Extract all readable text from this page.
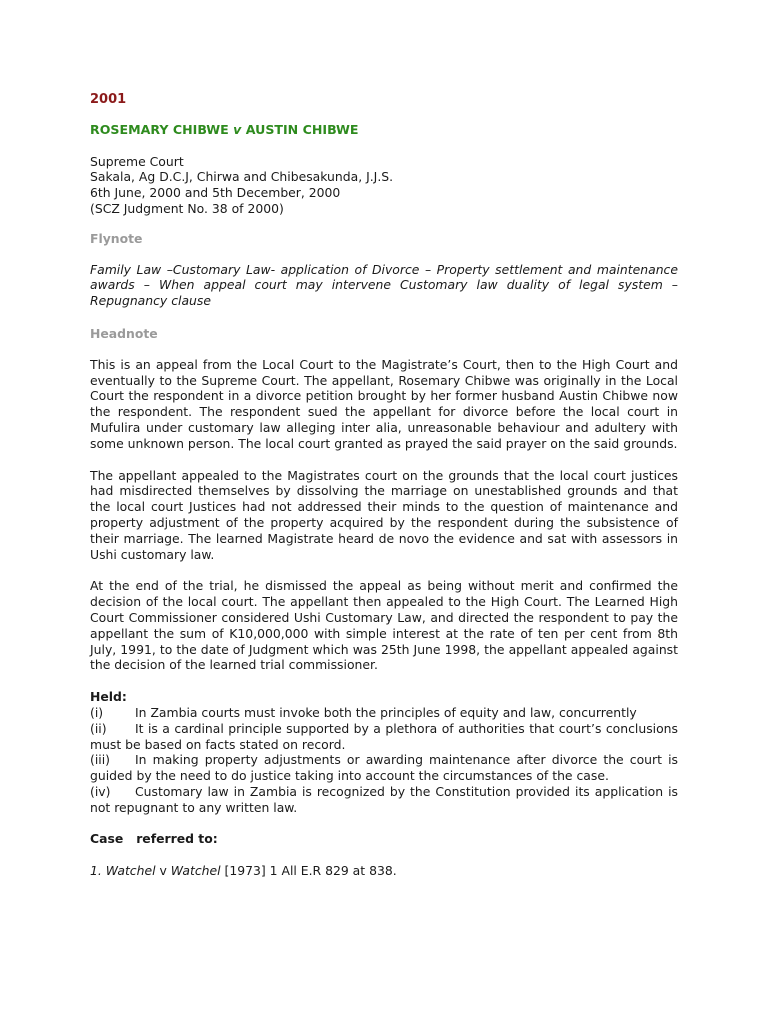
2001
ROSEMARY CHIBWE v AUSTIN CHIBWE
Supreme Court
Sakala, Ag D.C.J, Chirwa and Chibesakunda, J.J.S.
6th June, 2000 and 5th December, 2000
(SCZ Judgment No. 38 of 2000)
Flynote
Family Law –Customary Law- application of Divorce – Property settlement and maintenance awards – When appeal court may intervene Customary law duality of legal system – Repugnancy clause
Headnote
This is an appeal from the Local Court to the Magistrate’s Court, then to the High Court and eventually to the Supreme Court. The appellant, Rosemary Chibwe was originally in the Local Court the respondent in a divorce petition brought by her former husband Austin Chibwe now the respondent. The respondent sued the appellant for divorce before the local court in Mufulira under customary law alleging inter alia, unreasonable behaviour and adultery with some unknown person. The local court granted as prayed the said prayer on the said grounds.
The appellant appealed to the Magistrates court on the grounds that the local court justices had misdirected themselves by dissolving the marriage on unestablished grounds and that the local court Justices had not addressed their minds to the question of maintenance and property adjustment of the property acquired by the respondent during the subsistence of their marriage. The learned Magistrate heard de novo the evidence and sat with assessors in Ushi customary law.
At the end of the trial, he dismissed the appeal as being without merit and confirmed the decision of the local court. The appellant then appealed to the High Court. The Learned High Court Commissioner considered Ushi Customary Law, and directed the respondent to pay the appellant the sum of K10,000,000 with simple interest at the rate of ten per cent from 8th July, 1991, to the date of Judgment which was 25th June 1998, the appellant appealed against the decision of the learned trial commissioner.
Held:
(i)	In Zambia courts must invoke both the principles of equity and law, concurrently
(ii) It is a cardinal principle supported by a plethora of authorities that court’s conclusions must be based on facts stated on record.
(iii) In making property adjustments or awarding maintenance after divorce the court is guided by the need to do justice taking into account the circumstances of the case.
(iv) Customary law in Zambia is recognized by the Constitution provided its application is not repugnant to any written law.
Case referred to:
1. Watchel v Watchel [1973] 1 All E.R 829 at 838.
